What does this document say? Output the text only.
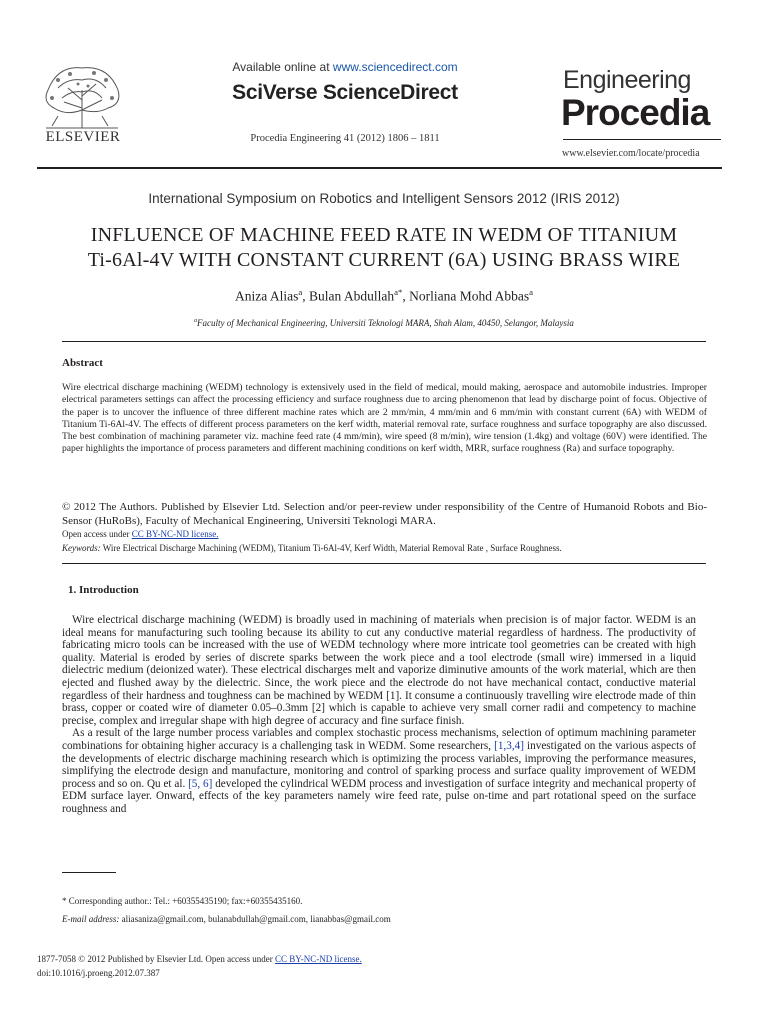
ELSEVIER
Available online at www.sciencedirect.com
SciVerse ScienceDirect
Procedia Engineering 41 (2012) 1806 – 1811
Engineering
Procedia
www.elsevier.com/locate/procedia
International Symposium on Robotics and Intelligent Sensors 2012 (IRIS 2012)
INFLUENCE OF MACHINE FEED RATE IN WEDM OF TITANIUM
Ti-6Al-4V WITH CONSTANT CURRENT (6A) USING BRASS WIRE
Aniza Alias$^a$, Bulan Abdullah$^{a*}$, Norliana Mohd Abbas$^a$
$^a$Faculty of Mechanical Engineering, Universiti Teknologi MARA, Shah Alam, 40450, Selangor, Malaysia
Abstract
Wire electrical discharge machining (WEDM) technology is extensively used in the field of medical, mould making, aerospace and automobile industries. Improper electrical parameters settings can affect the processing efficiency and surface roughness due to arcing phenomenon that lead by discharge point of focus. Objective of the paper is to uncover the influence of three different machine rates which are 2 mm/min, 4 mm/min and 6 mm/min with constant current (6A) with WEDM of Titanium Ti-6Al-4V. The effects of different process parameters on the kerf width, material removal rate, surface roughness and surface topography are also discussed. The best combination of machining parameter viz. machine feed rate (4 mm/min), wire speed (8 m/min), wire tension (1.4kg) and voltage (60V) were identified. The paper highlights the importance of process parameters and different machining conditions on kerf width, MRR, surface roughness (Ra) and surface topography.
© 2012 The Authors. Published by Elsevier Ltd. Selection and/or peer-review under responsibility of the Centre of Humanoid Robots and Bio-Sensor (HuRoBs), Faculty of Mechanical Engineering, Universiti Teknologi MARA.
Open access under CC BY-NC-ND license.
Keywords: Wire Electrical Discharge Machining (WEDM), Titanium Ti-6Al-4V, Kerf Width, Material Removal Rate , Surface Roughness.
1. Introduction

Wire electrical discharge machining (WEDM) is broadly used in machining of materials when precision is of major factor. WEDM is an ideal means for manufacturing such tooling because its ability to cut any conductive material regardless of hardness. The productivity of fabricating micro tools can be increased with the use of WEDM technology where more intricate tool geometries can be created with high quality. Material is eroded by series of discrete sparks between the work piece and a tool electrode (small wire) immersed in a liquid dielectric medium (deionized water). These electrical discharges melt and vaporize diminutive amounts of the work material, which are then ejected and flushed away by the dielectric. Since, the work piece and the electrode do not have mechanical contact, conductive material regardless of their hardness and toughness can be machined by WEDM [1]. It consume a continuously travelling wire electrode made of thin brass, copper or coated wire of diameter 0.05–0.3mm [2] which is capable to achieve very small corner radii and competency to machine precise, complex and irregular shape with high degree of accuracy and fine surface finish.

As a result of the large number process variables and complex stochastic process mechanisms, selection of optimum machining parameter combinations for obtaining higher accuracy is a challenging task in WEDM. Some researchers, [1,3,4] investigated on the various aspects of the developments of electric discharge machining research which is optimizing the process variables, improving the performance measures, simplifying the electrode design and manufacture, monitoring and control of sparking process and surface quality improvement of WEDM process and so on. Qu et al. [5, 6] developed the cylindrical WEDM process and investigation of surface integrity and mechanical property of EDM surface layer. Onward, effects of the key parameters namely wire feed rate, pulse on-time and part rotational speed on the surface roughness and

* Corresponding author.: Tel.: +60355435190; fax:+60355435160.
E-mail address: aliasaniza@gmail.com, bulanabdullah@gmail.com, lianabbas@gmail.com
1877-7058 © 2012 Published by Elsevier Ltd. Open access under CC BY-NC-ND license.
doi:10.1016/j.proeng.2012.07.387
